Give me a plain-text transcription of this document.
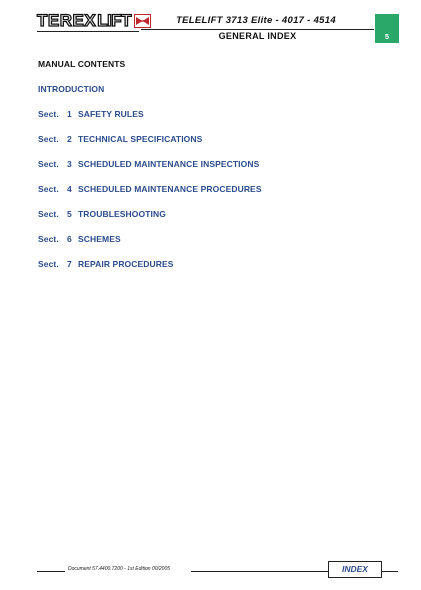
TEREX LIFT	TELELIFT 3713 Elite - 4017 - 4514
GENERAL INDEX	5
MANUAL CONTENTS
INTRODUCTION
Sect. 1 SAFETY RULES
Sect. 2 TECHNICAL SPECIFICATIONS
Sect. 3 SCHEDULED MAINTENANCE INSPECTIONS
Sect. 4 SCHEDULED MAINTENANCE PROCEDURES
Sect. 5 TROUBLESHOOTING
Sect. 6 SCHEMES
Sect. 7 REPAIR PROCEDURES
Document 57.4400.7200 - 1st Edition 00/2005	INDEX
